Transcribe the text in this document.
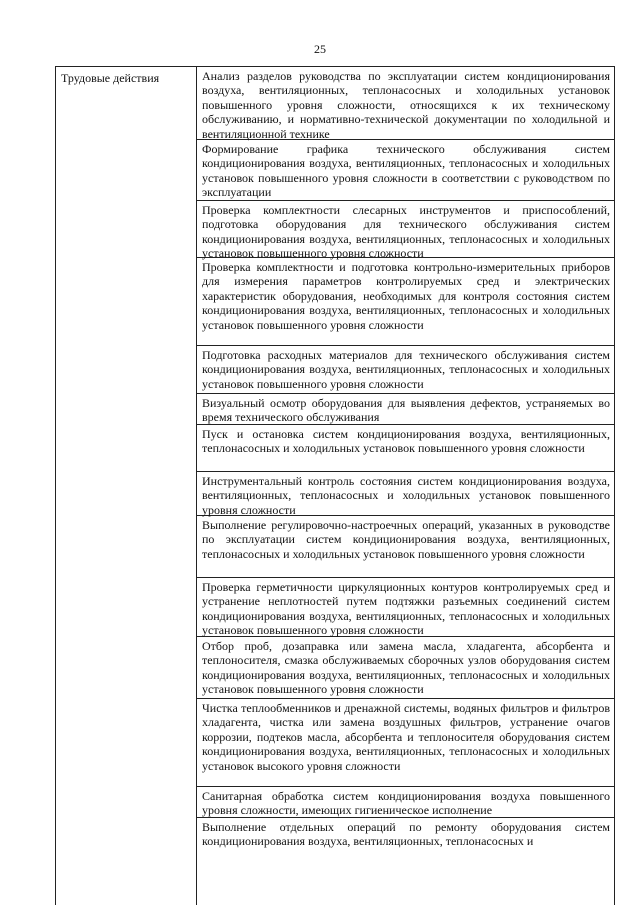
25
Трудовые действия	Анализ разделов руководства по эксплуатации систем кондиционирования воздуха, вентиляционных, теплонасосных и холодильных установок повышенного уровня сложности, относящихся к их техническому обслуживанию, и нормативно-технической документации по холодильной и вентиляционной технике
Формирование графика технического обслуживания систем кондиционирования воздуха, вентиляционных, теплонасосных и холодильных установок повышенного уровня сложности в соответствии с руководством по эксплуатации
Проверка комплектности слесарных инструментов и приспособлений, подготовка оборудования для технического обслуживания систем кондиционирования воздуха, вентиляционных, теплонасосных и холодильных установок повышенного уровня сложности
Проверка комплектности и подготовка контрольно-измерительных приборов для измерения параметров контролируемых сред и электрических характеристик оборудования, необходимых для контроля состояния систем кондиционирования воздуха, вентиляционных, теплонасосных и холодильных установок повышенного уровня сложности
Подготовка расходных материалов для технического обслуживания систем кондиционирования воздуха, вентиляционных, теплонасосных и холодильных установок повышенного уровня сложности
Визуальный осмотр оборудования для выявления дефектов, устраняемых во время технического обслуживания
Пуск и остановка систем кондиционирования воздуха, вентиляционных, теплонасосных и холодильных установок повышенного уровня сложности
Инструментальный контроль состояния систем кондиционирования воздуха, вентиляционных, теплонасосных и холодильных установок повышенного уровня сложности
Выполнение регулировочно-настроечных операций, указанных в руководстве по эксплуатации систем кондиционирования воздуха, вентиляционных, теплонасосных и холодильных установок повышенного уровня сложности
Проверка герметичности циркуляционных контуров контролируемых сред и устранение неплотностей путем подтяжки разъемных соединений систем кондиционирования воздуха, вентиляционных, теплонасосных и холодильных установок повышенного уровня сложности
Отбор проб, дозаправка или замена масла, хладагента, абсорбента и теплоносителя, смазка обслуживаемых сборочных узлов оборудования систем кондиционирования воздуха, вентиляционных, теплонасосных и холодильных установок повышенного уровня сложности
Чистка теплообменников и дренажной системы, водяных фильтров и фильтров хладагента, чистка или замена воздушных фильтров, устранение очагов коррозии, подтеков масла, абсорбента и теплоносителя оборудования систем кондиционирования воздуха, вентиляционных, теплонасосных и холодильных установок высокого уровня сложности
Санитарная обработка систем кондиционирования воздуха повышенного уровня сложности, имеющих гигиеническое исполнение
Выполнение отдельных операций по ремонту оборудования систем кондиционирования воздуха, вентиляционных, теплонасосных и
